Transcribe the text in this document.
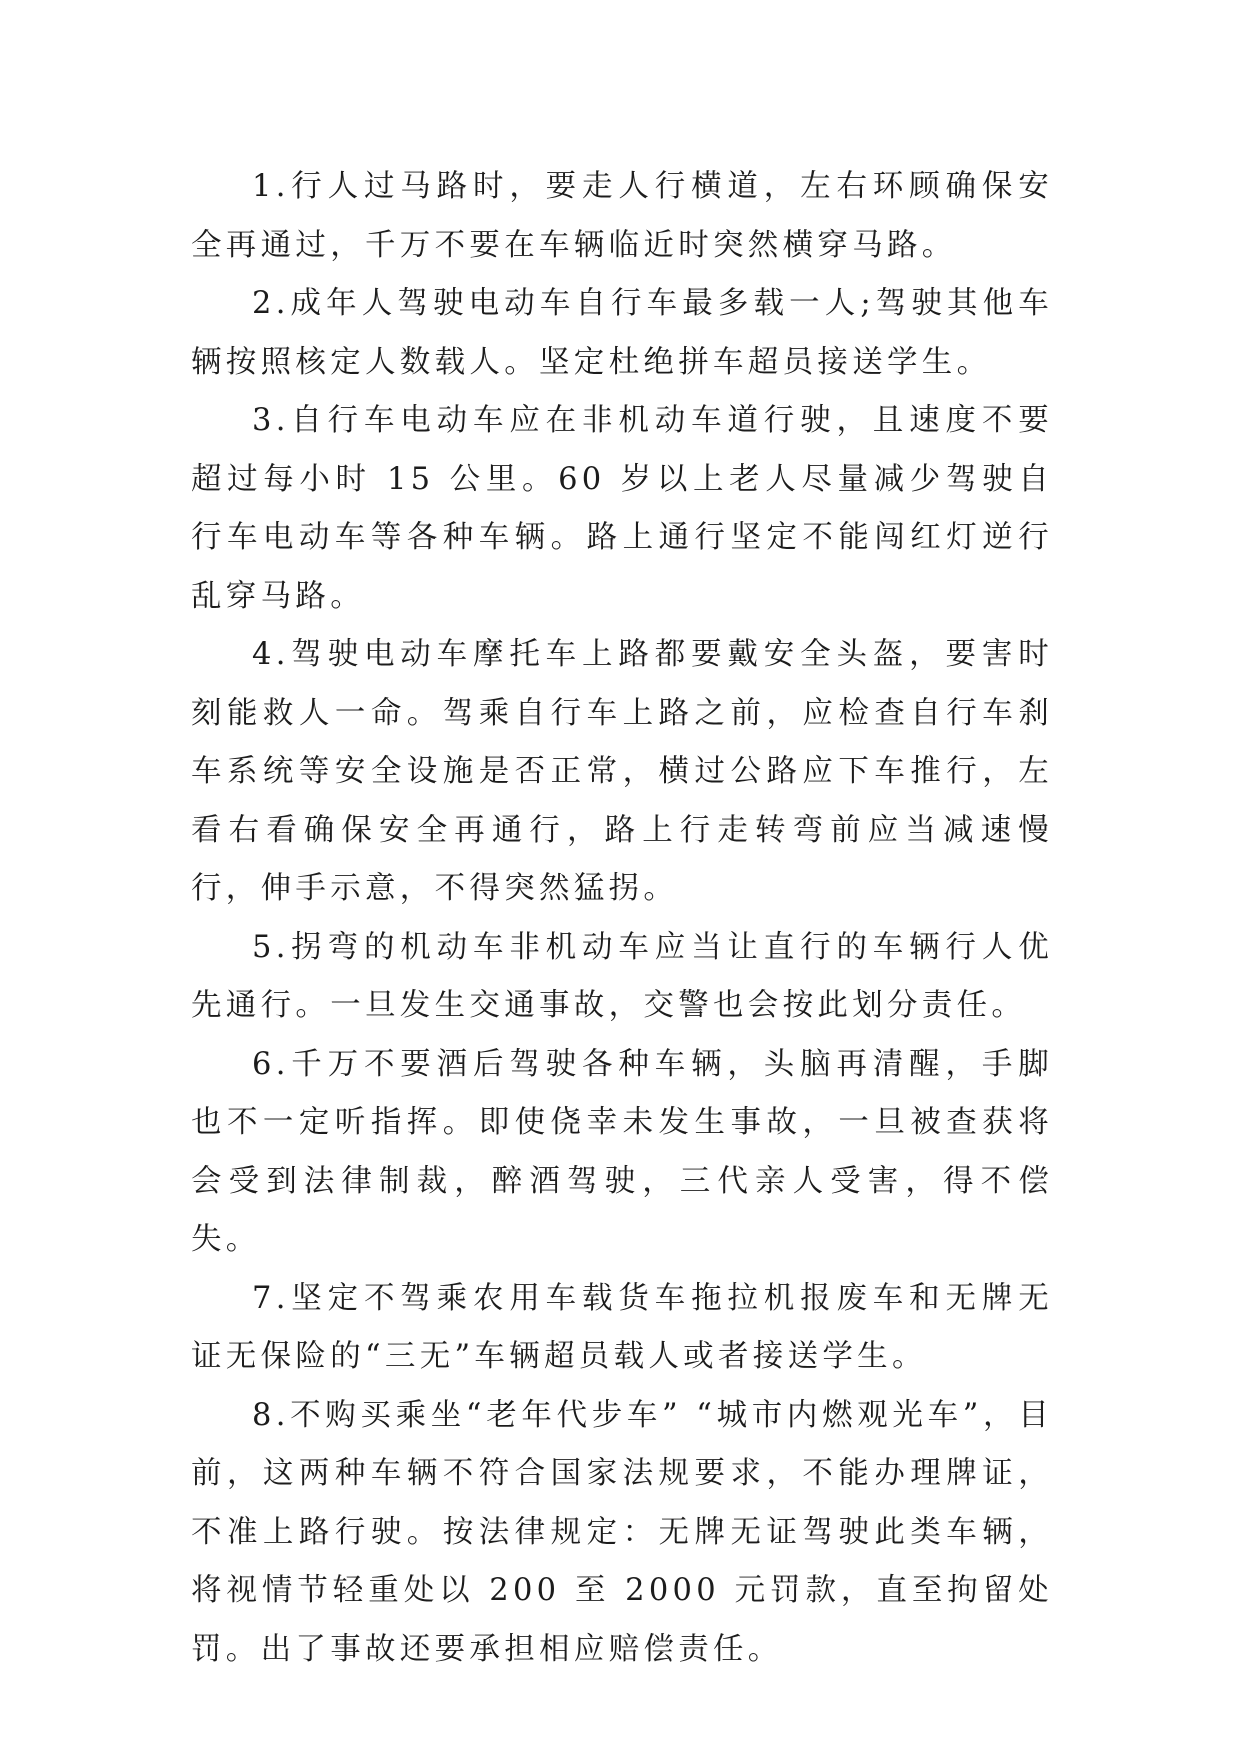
1.行人过马路时，要走人行横道，左右环顾确保安全再通过，千万不要在车辆临近时突然横穿马路。

2.成年人驾驶电动车自行车最多载一人;驾驶其他车辆按照核定人数载人。坚定杜绝拼车超员接送学生。

3.自行车电动车应在非机动车道行驶，且速度不要超过每小时 15 公里。60 岁以上老人尽量减少驾驶自行车电动车等各种车辆。路上通行坚定不能闯红灯逆行乱穿马路。

4.驾驶电动车摩托车上路都要戴安全头盔，要害时刻能救人一命。驾乘自行车上路之前，应检查自行车刹车系统等安全设施是否正常，横过公路应下车推行，左看右看确保安全再通行，路上行走转弯前应当减速慢行，伸手示意，不得突然猛拐。

5.拐弯的机动车非机动车应当让直行的车辆行人优先通行。一旦发生交通事故，交警也会按此划分责任。

6.千万不要酒后驾驶各种车辆，头脑再清醒，手脚也不一定听指挥。即使侥幸未发生事故，一旦被查获将会受到法律制裁，醉酒驾驶，三代亲人受害，得不偿失。

7.坚定不驾乘农用车载货车拖拉机报废车和无牌无证无保险的“三无”车辆超员载人或者接送学生。

8.不购买乘坐“老年代步车” “城市内燃观光车”，目前，这两种车辆不符合国家法规要求，不能办理牌证，不准上路行驶。按法律规定：无牌无证驾驶此类车辆，将视情节轻重处以 200 至 2000 元罚款，直至拘留处罚。出了事故还要承担相应赔偿责任。
